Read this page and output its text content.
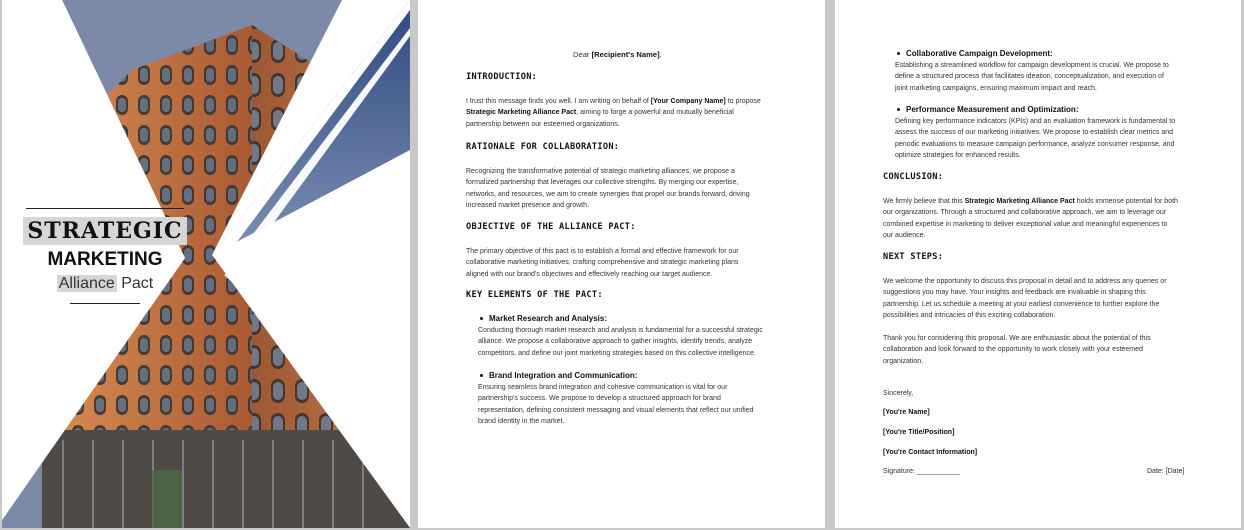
STRATEGIC
MARKETING
Alliance Pact
Dear [Recipient's Name],
INTRODUCTION:

I trust this message finds you well. I am writing on behalf of [Your Company Name] to propose

Strategic Marketing Alliance Pact, aiming to forge a powerful and mutually beneficial

partnership between our esteemed organizations.

RATIONALE FOR COLLABORATION:

Recognizing the transformative potential of strategic marketing alliances, we propose a

formalized partnership that leverages our collective strengths. By merging our expertise,

networks, and resources, we aim to create synergies that propel our brands forward, driving

increased market presence and growth.

OBJECTIVE OF THE ALLIANCE PACT:

The primary objective of this pact is to establish a formal and effective framework for our

collaborative marketing initiatives, crafting comprehensive and strategic marketing plans

aligned with our brand's objectives and effectively reaching our target audience.

KEY ELEMENTS OF THE PACT:
Market Research and Analysis:

Conducting thorough market research and analysis is fundamental for a successful strategic

alliance. We propose a collaborative approach to gather insights, identify trends, analyze

competitors, and define our joint marketing strategies based on this collective intelligence.

Brand Integration and Communication:

Ensuring seamless brand integration and cohesive communication is vital for our

partnership's success. We propose to develop a structured approach for brand

representation, defining consistent messaging and visual elements that reflect our unified

brand identity in the market.

Collaborative Campaign Development:

Establishing a streamlined workflow for campaign development is crucial. We propose to

define a structured process that facilitates ideation, conceptualization, and execution of

joint marketing campaigns, ensuring maximum impact and reach.

Performance Measurement and Optimization:

Defining key performance indicators (KPIs) and an evaluation framework is fundamental to

assess the success of our marketing initiatives. We propose to establish clear metrics and

periodic evaluations to measure campaign performance, analyze consumer response, and

optimize strategies for enhanced results.

CONCLUSION:

We firmly believe that this Strategic Marketing Alliance Pact holds immense potential for both

our organizations. Through a structured and collaborative approach, we aim to leverage our

combined expertise in marketing to deliver exceptional value and meaningful experiences to

our audience.

NEXT STEPS:

We welcome the opportunity to discuss this proposal in detail and to address any queries or

suggestions you may have. Your insights and feedback are invaluable in shaping this

partnership. Let us schedule a meeting at your earliest convenience to further explore the

possibilities and intricacies of this exciting collaboration.

Thank you for considering this proposal. We are enthusiastic about the potential of this

collaboration and look forward to the opportunity to work closely with your esteemed

organization.

Sincerely,
[You're Name]
[You're Title/Position]
[You're Contact Information]
Signature: ___________	Date: [Date]
